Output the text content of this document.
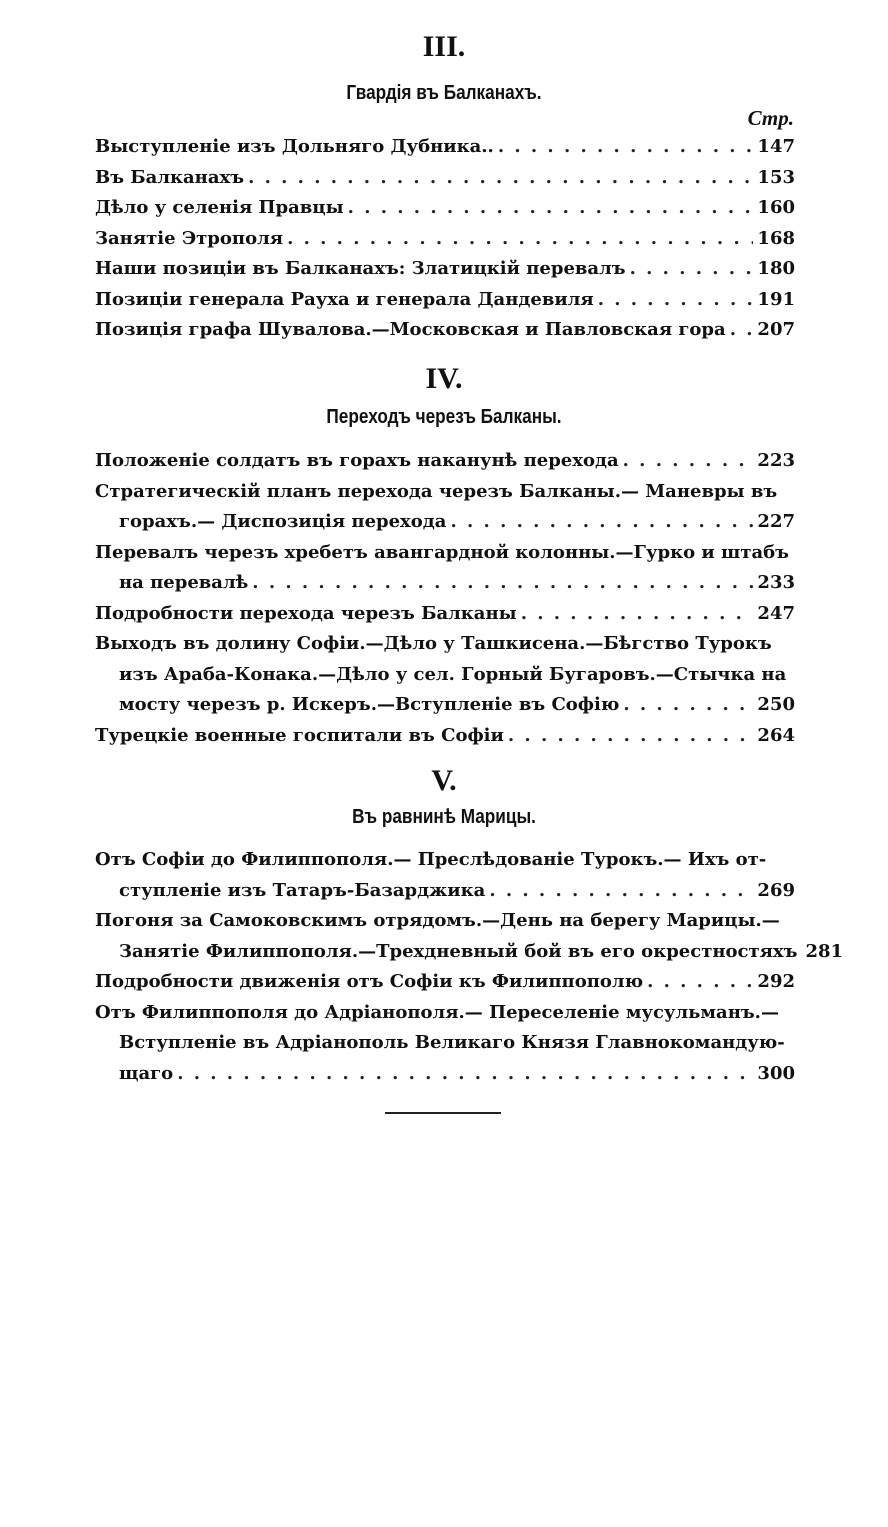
III.
Гвардія въ Балканахъ.
Стр.
Выступленіе изъ Дольняго Дубника.. . . .	147
Въ Балканахъ . . .	153
Дѣло у селенія Правцы . . .	160
Занятіе Этрополя . . .	168
Наши позиціи въ Балканахъ: Златицкій перевалъ . . .	180
Позиціи генерала Рауха и генерала Дандевиля . . .	191
Позиція графа Шувалова.—Московская и Павловская гора . . . 207
IV.
Переходъ черезъ Балканы.
Положеніе солдатъ въ горахъ наканунѣ перехода . . .	223
Стратегическій планъ перехода черезъ Балканы.— Маневры въ
горахъ.— Диспозиція перехода . . .	227
Перевалъ черезъ хребетъ авангардной колонны.—Гурко и штабъ
на перевалѣ . . .	233
Подробности перехода черезъ Балканы . . .	247
Выходъ въ долину Софіи.—Дѣло у Ташкисена.—Бѣгство Турокъ
изъ Араба-Конака.—Дѣло у сел. Горный Бугаровъ.—Стычка на
мосту черезъ р. Искеръ.—Вступленіе въ Софію . . .	250
Турецкіе военные госпитали въ Софіи . . .	264
V.
Въ равнинѣ Марицы.
Отъ Софіи до Филиппополя.— Преслѣдованіе Турокъ.— Ихъ от-
ступленіе изъ Татаръ-Базарджика . . .	269
Погоня за Самоковскимъ отрядомъ.—День на берегу Марицы.—
Занятіе Филиппополя.—Трехдневный бой въ его окрестностяхъ 281
Подробности движенія отъ Софіи къ Филиппополю . . .	292
Отъ Филиппополя до Адріанополя.— Переселеніе мусульманъ.—
Вступленіе въ Адріанополь Великаго Князя Главнокомандую-
щаго . . .	300
